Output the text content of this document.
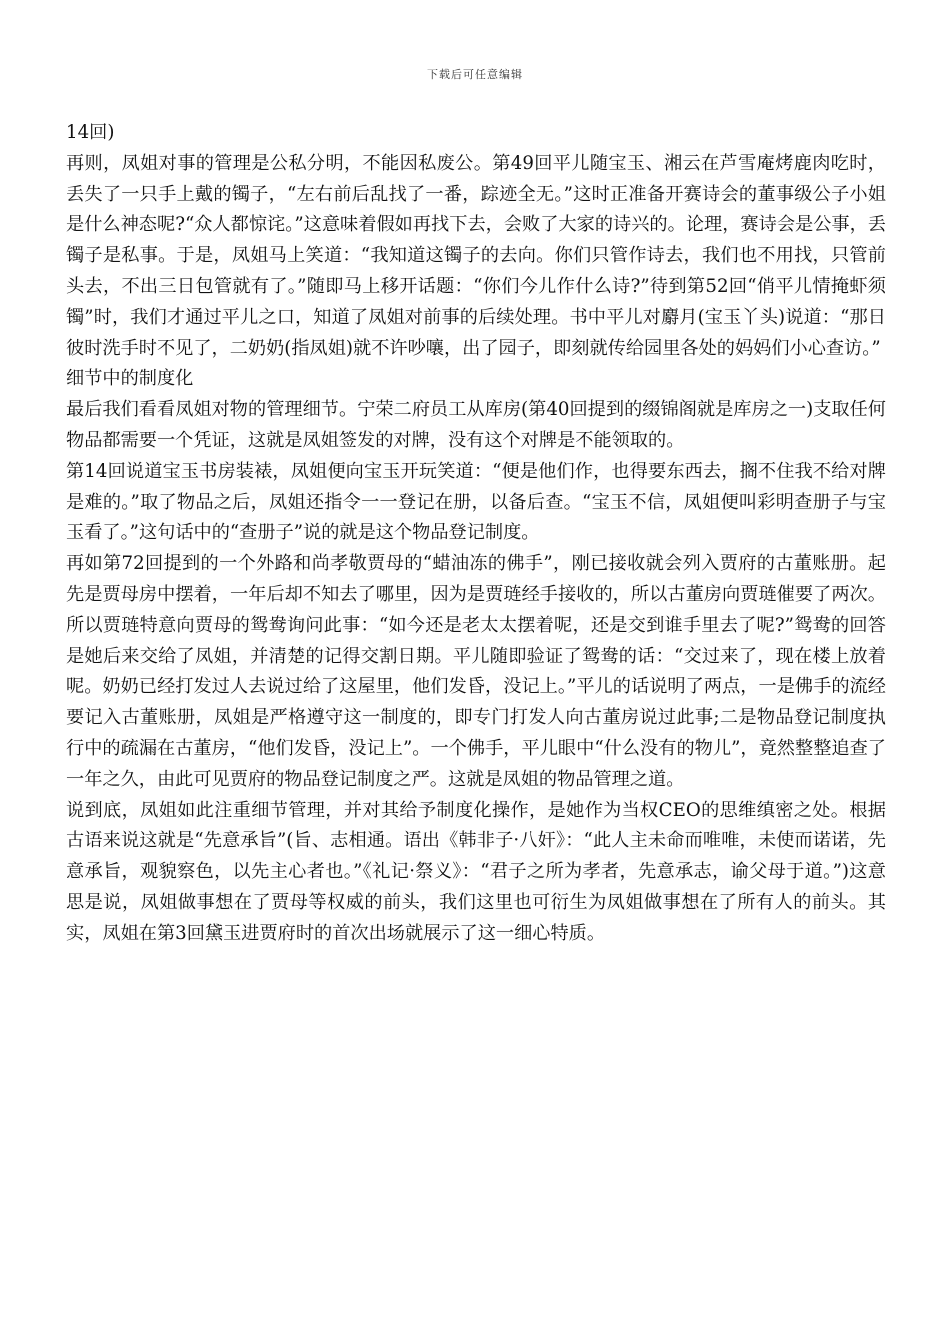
下载后可任意编辑

14回)

再则，凤姐对事的管理是公私分明，不能因私废公。第49回平儿随宝玉、湘云在芦雪庵烤鹿肉吃时，丢失了一只手上戴的镯子，“左右前后乱找了一番，踪迹全无。”这时正准备开赛诗会的董事级公子小姐是什么神态呢?“众人都惊诧。”这意味着假如再找下去，会败了大家的诗兴的。论理，赛诗会是公事，丢镯子是私事。于是，凤姐马上笑道：“我知道这镯子的去向。你们只管作诗去，我们也不用找，只管前头去，不出三日包管就有了。”随即马上移开话题：“你们今儿作什么诗?”待到第52回“俏平儿情掩虾须镯”时，我们才通过平儿之口，知道了凤姐对前事的后续处理。书中平儿对麝月(宝玉丫头)说道：“那日彼时洗手时不见了，二奶奶(指凤姐)就不许吵嚷，出了园子，即刻就传给园里各处的妈妈们小心查访。”

细节中的制度化

最后我们看看凤姐对物的管理细节。宁荣二府员工从库房(第40回提到的缀锦阁就是库房之一)支取任何物品都需要一个凭证，这就是凤姐签发的对牌，没有这个对牌是不能领取的。

第14回说道宝玉书房装裱，凤姐便向宝玉开玩笑道：“便是他们作，也得要东西去，搁不住我不给对牌是难的。”取了物品之后，凤姐还指令一一登记在册，以备后查。“宝玉不信，凤姐便叫彩明查册子与宝玉看了。”这句话中的“查册子”说的就是这个物品登记制度。

再如第72回提到的一个外路和尚孝敬贾母的“蜡油冻的佛手”，刚已接收就会列入贾府的古董账册。起先是贾母房中摆着，一年后却不知去了哪里，因为是贾琏经手接收的，所以古董房向贾琏催要了两次。所以贾琏特意向贾母的鸳鸯询问此事：“如今还是老太太摆着呢，还是交到谁手里去了呢?”鸳鸯的回答是她后来交给了凤姐，并清楚的记得交割日期。平儿随即验证了鸳鸯的话：“交过来了，现在楼上放着呢。奶奶已经打发过人去说过给了这屋里，他们发昏，没记上。”平儿的话说明了两点，一是佛手的流经要记入古董账册，凤姐是严格遵守这一制度的，即专门打发人向古董房说过此事;二是物品登记制度执行中的疏漏在古董房，“他们发昏，没记上”。一个佛手，平儿眼中“什么没有的物儿”，竟然整整追查了一年之久，由此可见贾府的物品登记制度之严。这就是凤姐的物品管理之道。

说到底，凤姐如此注重细节管理，并对其给予制度化操作，是她作为当权CEO的思维缜密之处。根据古语来说这就是“先意承旨”(旨、志相通。语出《韩非子·八奸》：“此人主未命而唯唯，未使而诺诺，先意承旨，观貌察色，以先主心者也。”《礼记·祭义》：“君子之所为孝者，先意承志，谕父母于道。”)这意思是说，凤姐做事想在了贾母等权威的前头，我们这里也可衍生为凤姐做事想在了所有人的前头。其实，凤姐在第3回黛玉进贾府时的首次出场就展示了这一细心特质。
